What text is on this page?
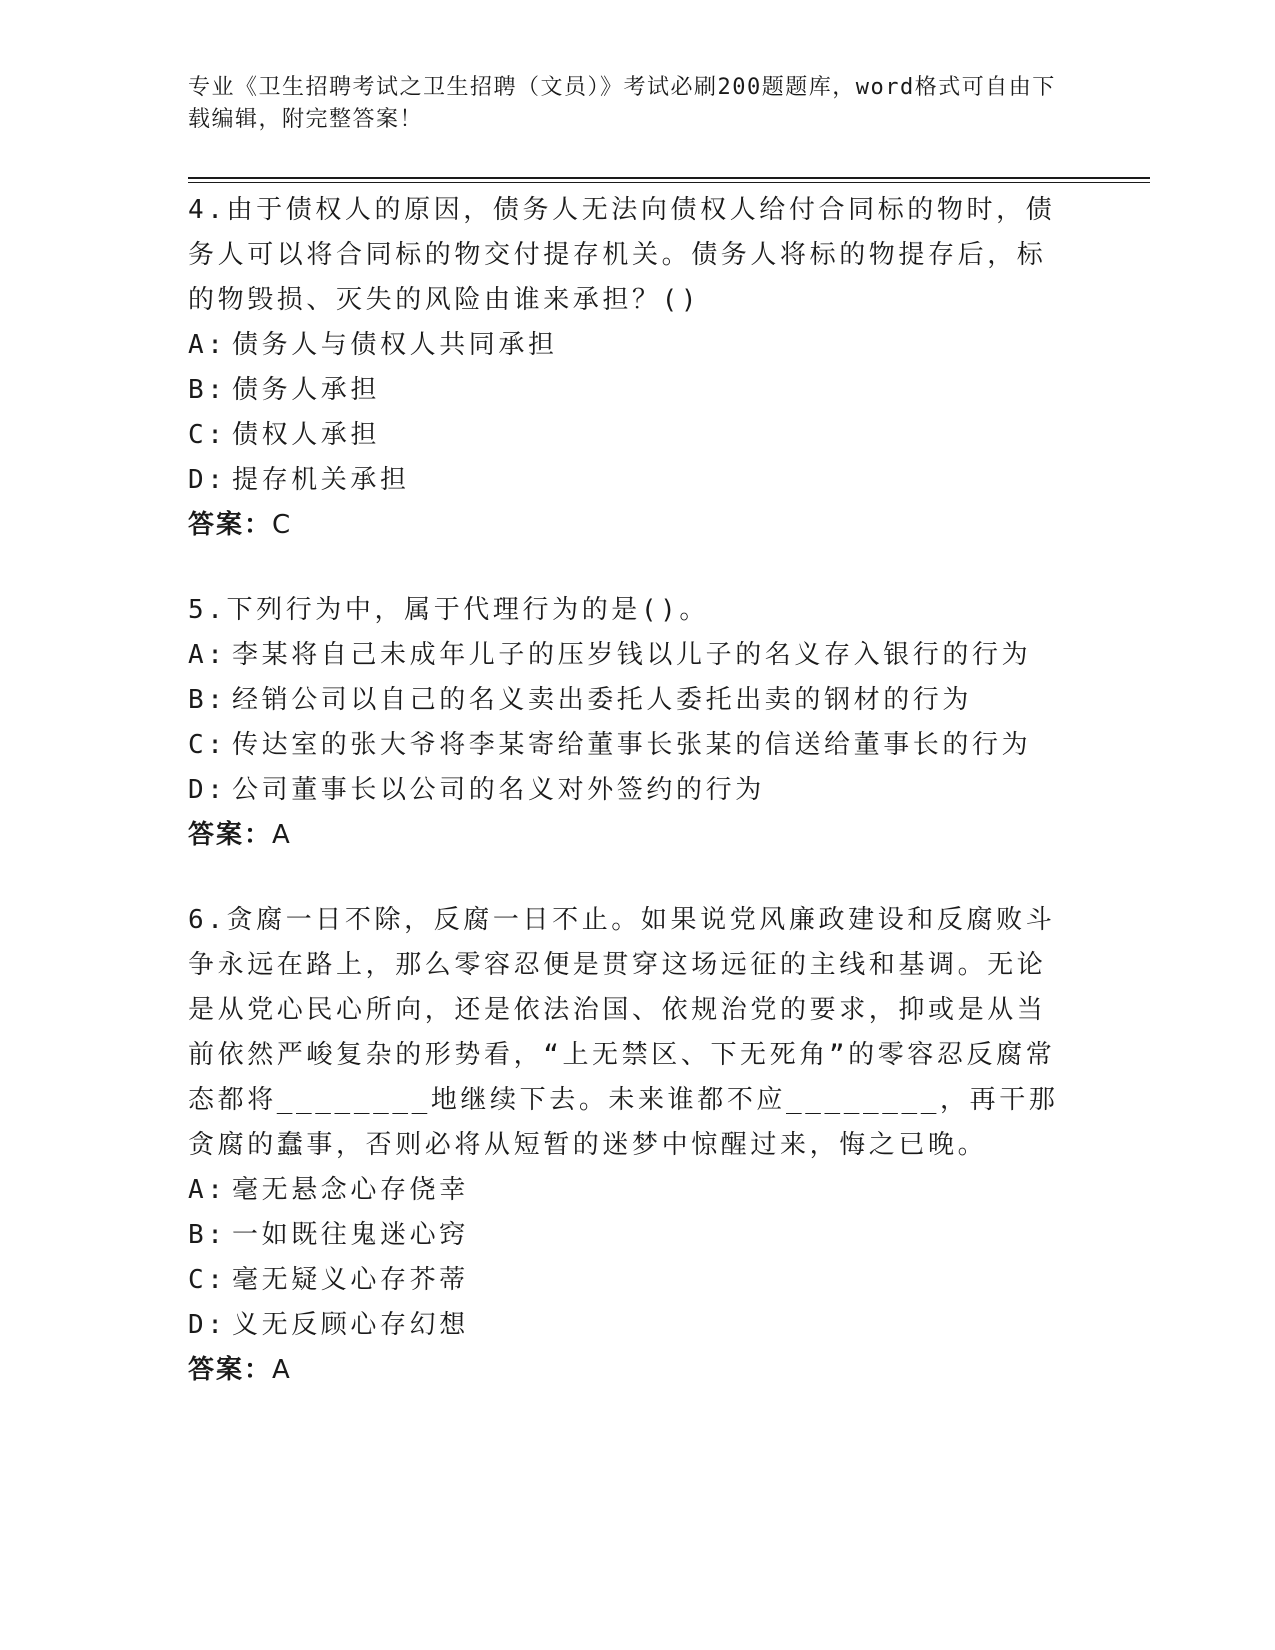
专业《卫生招聘考试之卫生招聘（文员）》考试必刷200题题库，word格式可自由下载编辑，附完整答案！

4.由于债权人的原因，债务人无法向债权人给付合同标的物时，债务人可以将合同标的物交付提存机关。债务人将标的物提存后，标的物毁损、灭失的风险由谁来承担？()

A: 债务人与债权人共同承担
B: 债务人承担
C: 债权人承担
D: 提存机关承担

答案：C

5.下列行为中，属于代理行为的是()。

A: 李某将自己未成年儿子的压岁钱以儿子的名义存入银行的行为
B: 经销公司以自己的名义卖出委托人委托出卖的钢材的行为
C: 传达室的张大爷将李某寄给董事长张某的信送给董事长的行为
D: 公司董事长以公司的名义对外签约的行为

答案：A

6.贪腐一日不除，反腐一日不止。如果说党风廉政建设和反腐败斗争永远在路上，那么零容忍便是贯穿这场远征的主线和基调。无论是从党心民心所向，还是依法治国、依规治党的要求，抑或是从当前依然严峻复杂的形势看，“上无禁区、下无死角”的零容忍反腐常态都将________地继续下去。未来谁都不应________，再干那贪腐的蠢事，否则必将从短暂的迷梦中惊醒过来，悔之已晚。

A: 毫无悬念心存侥幸
B: 一如既往鬼迷心窍
C: 毫无疑义心存芥蒂
D: 义无反顾心存幻想

答案：A
